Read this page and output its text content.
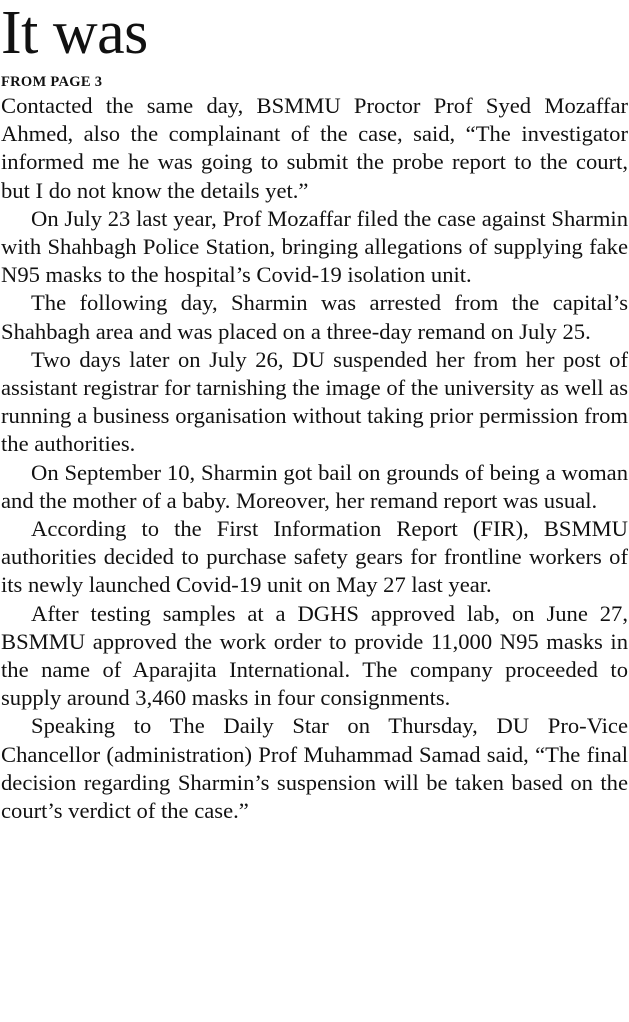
It was
FROM PAGE 3

Contacted the same day, BSMMU Proctor Prof Syed Mozaffar Ahmed, also the complainant of the case, said, “The investigator informed me he was going to submit the probe report to the court, but I do not know the details yet.”

On July 23 last year, Prof Mozaffar filed the case against Sharmin with Shahbagh Police Station, bringing allegations of supplying fake N95 masks to the hospital’s Covid-19 isolation unit.

The following day, Sharmin was arrested from the capital’s Shahbagh area and was placed on a three-day remand on July 25.

Two days later on July 26, DU suspended her from her post of assistant registrar for tarnishing the image of the university as well as running a business organisation without taking prior permission from the authorities.

On September 10, Sharmin got bail on grounds of being a woman and the mother of a baby. Moreover, her remand report was usual.

According to the First Information Report (FIR), BSMMU authorities decided to purchase safety gears for frontline workers of its newly launched Covid-19 unit on May 27 last year.

After testing samples at a DGHS approved lab, on June 27, BSMMU approved the work order to provide 11,000 N95 masks in the name of Aparajita International. The company proceeded to supply around 3,460 masks in four consignments.

Speaking to The Daily Star on Thursday, DU Pro-Vice Chancellor (administration) Prof Muhammad Samad said, “The final decision regarding Sharmin’s suspension will be taken based on the court’s verdict of the case.”
